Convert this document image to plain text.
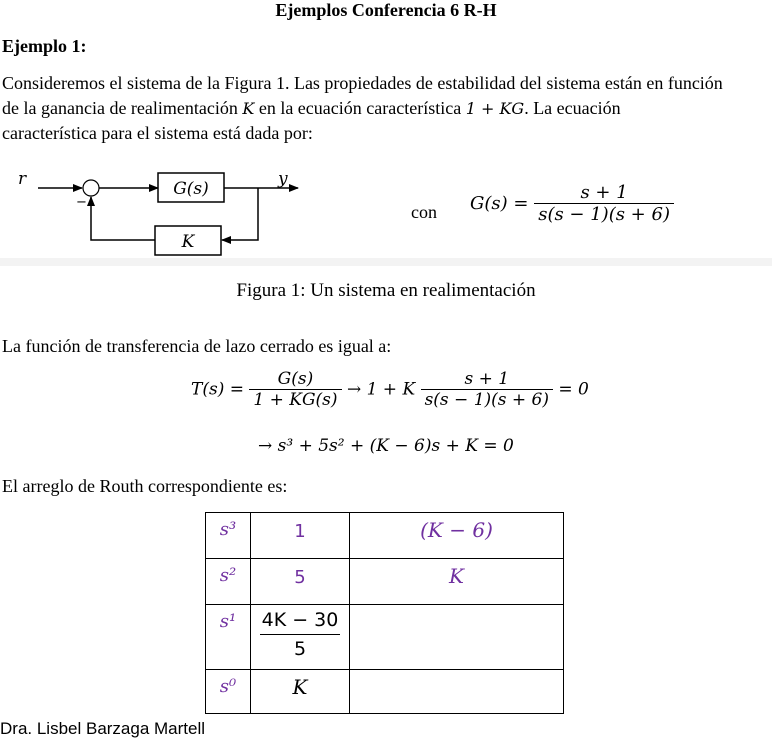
Ejemplos Conferencia 6 R-H
Ejemplo 1:
Consideremos el sistema de la Figura 1. Las propiedades de estabilidad del sistema están en función
de la ganancia de realimentación K en la ecuación característica 1 + KG. La ecuación
característica para el sistema está dada por:
r
−
G(s)	y
K
con $G(s) = \frac{s + 1}{s(s - 1)(s + 6)}$
Figura 1: Un sistema en realimentación
La función de transferencia de lazo cerrado es igual a:
$T(s) = \frac{G(s)}{1 + KG(s)} \to 1 + K \frac{s + 1}{s(s - 1)(s + 6)} = 0$
→ s³ + 5s² + (K − 6)s + K = 0
El arreglo de Routh correspondiente es:
s³	1	(K − 6)
s²	5	K
s¹	$\frac{4K - 30}{5}$

s⁰	K	
Dra. Lisbel Barzaga Martell
